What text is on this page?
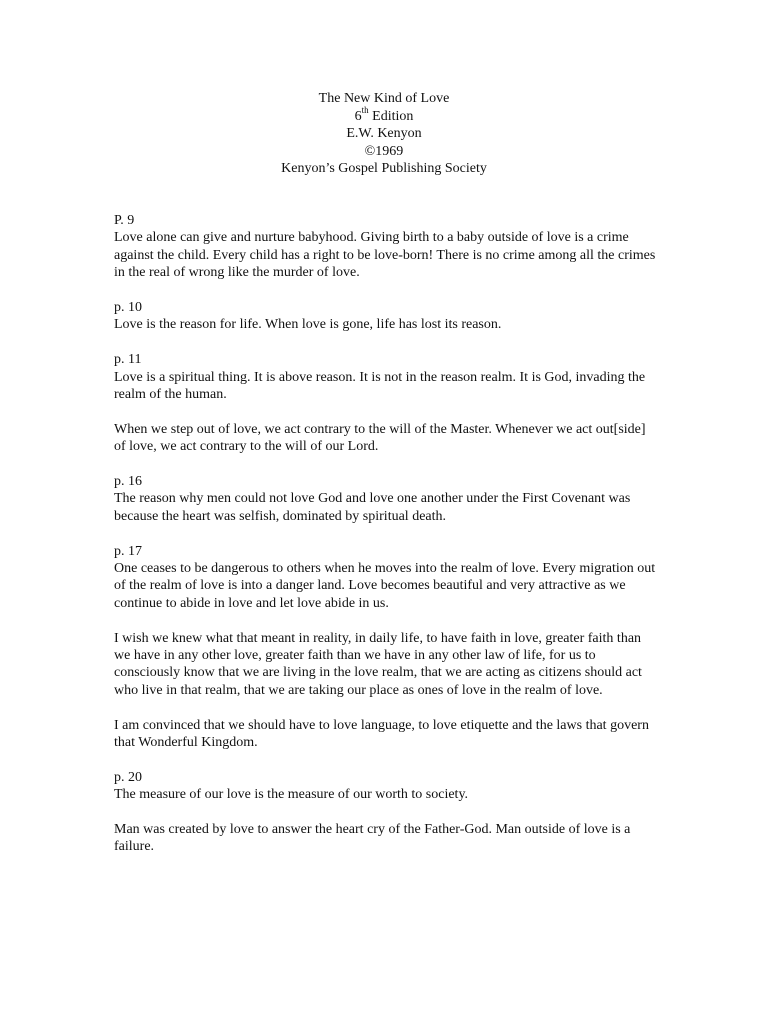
The New Kind of Love
6th Edition
E.W. Kenyon
©1969
Kenyon’s Gospel Publishing Society

P. 9

Love alone can give and nurture babyhood. Giving birth to a baby outside of love is a crime against the child. Every child has a right to be love-born! There is no crime among all the crimes in the real of wrong like the murder of love.

p. 10

Love is the reason for life. When love is gone, life has lost its reason.

p. 11

Love is a spiritual thing. It is above reason. It is not in the reason realm. It is God, invading the realm of the human.

When we step out of love, we act contrary to the will of the Master. Whenever we act out[side] of love, we act contrary to the will of our Lord.

p. 16

The reason why men could not love God and love one another under the First Covenant was because the heart was selfish, dominated by spiritual death.

p. 17

One ceases to be dangerous to others when he moves into the realm of love. Every migration out of the realm of love is into a danger land. Love becomes beautiful and very attractive as we continue to abide in love and let love abide in us.

I wish we knew what that meant in reality, in daily life, to have faith in love, greater faith than we have in any other love, greater faith than we have in any other law of life, for us to consciously know that we are living in the love realm, that we are acting as citizens should act who live in that realm, that we are taking our place as ones of love in the realm of love.

I am convinced that we should have to love language, to love etiquette and the laws that govern that Wonderful Kingdom.

p. 20

The measure of our love is the measure of our worth to society.

Man was created by love to answer the heart cry of the Father-God. Man outside of love is a failure.
